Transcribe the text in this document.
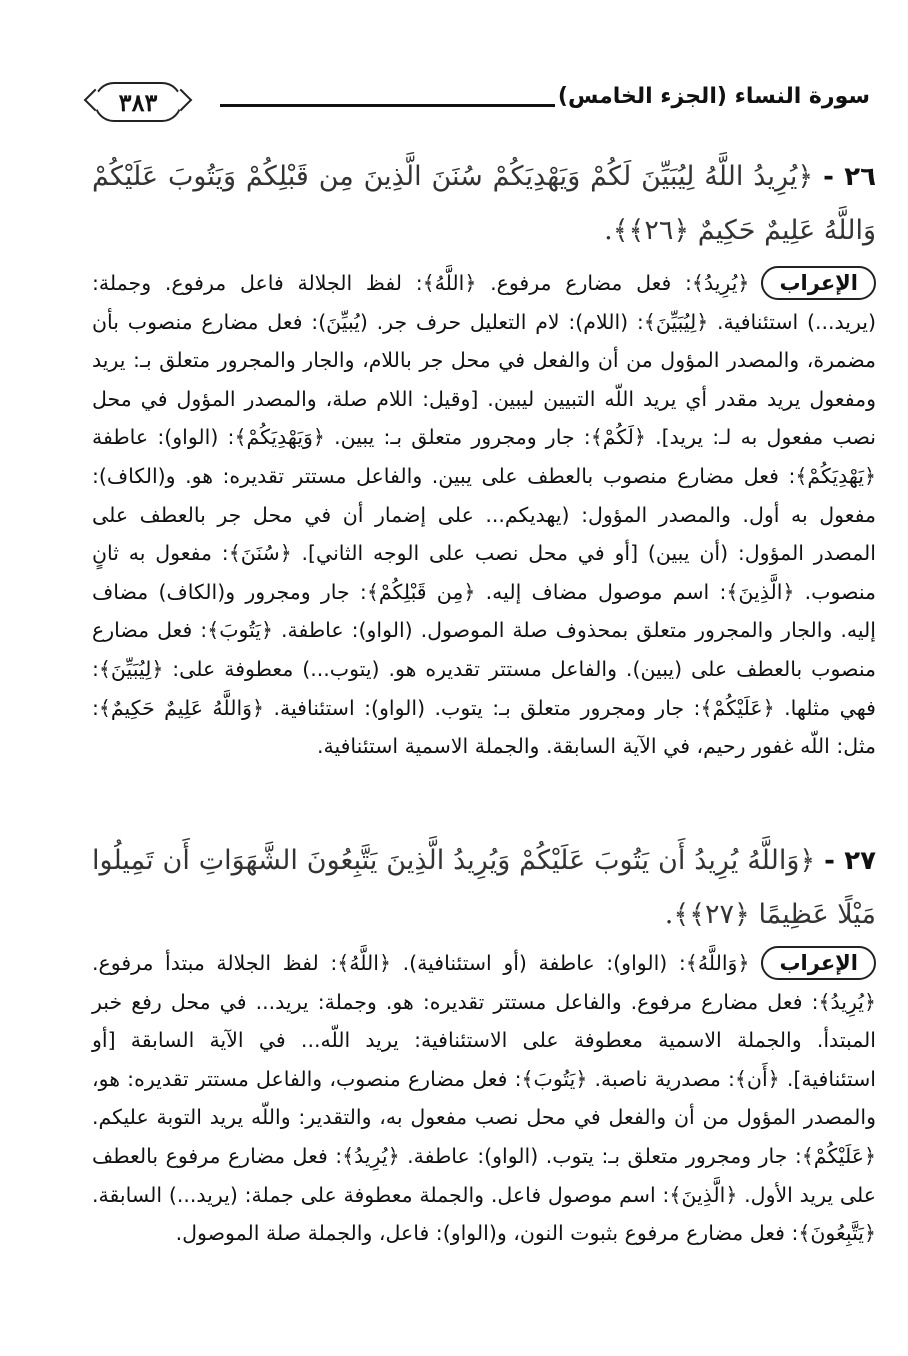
٣٨٣	سورة النساء (الجزء الخامس)
٢٦ - ﴿يُرِيدُ اللَّهُ لِيُبَيِّنَ لَكُمْ وَيَهْدِيَكُمْ سُنَنَ الَّذِينَ مِن قَبْلِكُمْ وَيَتُوبَ عَلَيْكُمْ وَاللَّهُ عَلِيمٌ حَكِيمٌ ﴿٢٦﴾﴾.
الإعراب
﴿يُرِيدُ﴾: فعل مضارع مرفوع. ﴿اللَّهُ﴾: لفظ الجلالة فاعل مرفوع. وجملة: (يريد...) استئنافية. ﴿لِيُبَيِّنَ﴾: (اللام): لام التعليل حرف جر. (يُبيِّنَ): فعل مضارع منصوب بأن مضمرة، والمصدر المؤول من أن والفعل في محل جر باللام، والجار والمجرور متعلق بـ: يريد ومفعول يريد مقدر أي يريد اللّه التبيين ليبين. [وقيل: اللام صلة، والمصدر المؤول في محل نصب مفعول به لـ: يريد]. ﴿لَكُمْ﴾: جار ومجرور متعلق بـ: يبين. ﴿وَيَهْدِيَكُمْ﴾: (الواو): عاطفة ﴿يَهْدِيَكُمْ﴾: فعل مضارع منصوب بالعطف على يبين. والفاعل مستتر تقديره: هو. و(الكاف): مفعول به أول. والمصدر المؤول: (يهديكم... على إضمار أن في محل جر بالعطف على المصدر المؤول: (أن يبين) [أو في محل نصب على الوجه الثاني]. ﴿سُنَنَ﴾: مفعول به ثانٍ منصوب. ﴿الَّذِينَ﴾: اسم موصول مضاف إليه. ﴿مِن قَبْلِكُمْ﴾: جار ومجرور و(الكاف) مضاف إليه. والجار والمجرور متعلق بمحذوف صلة الموصول. (الواو): عاطفة. ﴿يَتُوبَ﴾: فعل مضارع منصوب بالعطف على (يبين). والفاعل مستتر تقديره هو. (يتوب...) معطوفة على: ﴿لِيُبَيِّنَ﴾: فهي مثلها. ﴿عَلَيْكُمْ﴾: جار ومجرور متعلق بـ: يتوب. (الواو): استئنافية. ﴿وَاللَّهُ عَلِيمٌ حَكِيمٌ﴾: مثل: اللّه غفور رحيم، في الآية السابقة. والجملة الاسمية استئنافية.
٢٧ - ﴿وَاللَّهُ يُرِيدُ أَن يَتُوبَ عَلَيْكُمْ وَيُرِيدُ الَّذِينَ يَتَّبِعُونَ الشَّهَوَاتِ أَن تَمِيلُوا مَيْلًا عَظِيمًا ﴿٢٧﴾﴾.
الإعراب
﴿وَاللَّهُ﴾: (الواو): عاطفة (أو استئنافية). ﴿اللَّهُ﴾: لفظ الجلالة مبتدأ مرفوع. ﴿يُرِيدُ﴾: فعل مضارع مرفوع. والفاعل مستتر تقديره: هو. وجملة: يريد... في محل رفع خبر المبتدأ. والجملة الاسمية معطوفة على الاستئنافية: يريد اللّه... في الآية السابقة [أو استئنافية]. ﴿أَن﴾: مصدرية ناصبة. ﴿يَتُوبَ﴾: فعل مضارع منصوب، والفاعل مستتر تقديره: هو، والمصدر المؤول من أن والفعل في محل نصب مفعول به، والتقدير: واللّه يريد التوبة عليكم. ﴿عَلَيْكُمْ﴾: جار ومجرور متعلق بـ: يتوب. (الواو): عاطفة. ﴿يُرِيدُ﴾: فعل مضارع مرفوع بالعطف على يريد الأول. ﴿الَّذِينَ﴾: اسم موصول فاعل. والجملة معطوفة على جملة: (يريد...) السابقة. ﴿يَتَّبِعُونَ﴾: فعل مضارع مرفوع بثبوت النون، و(الواو): فاعل، والجملة صلة الموصول.
